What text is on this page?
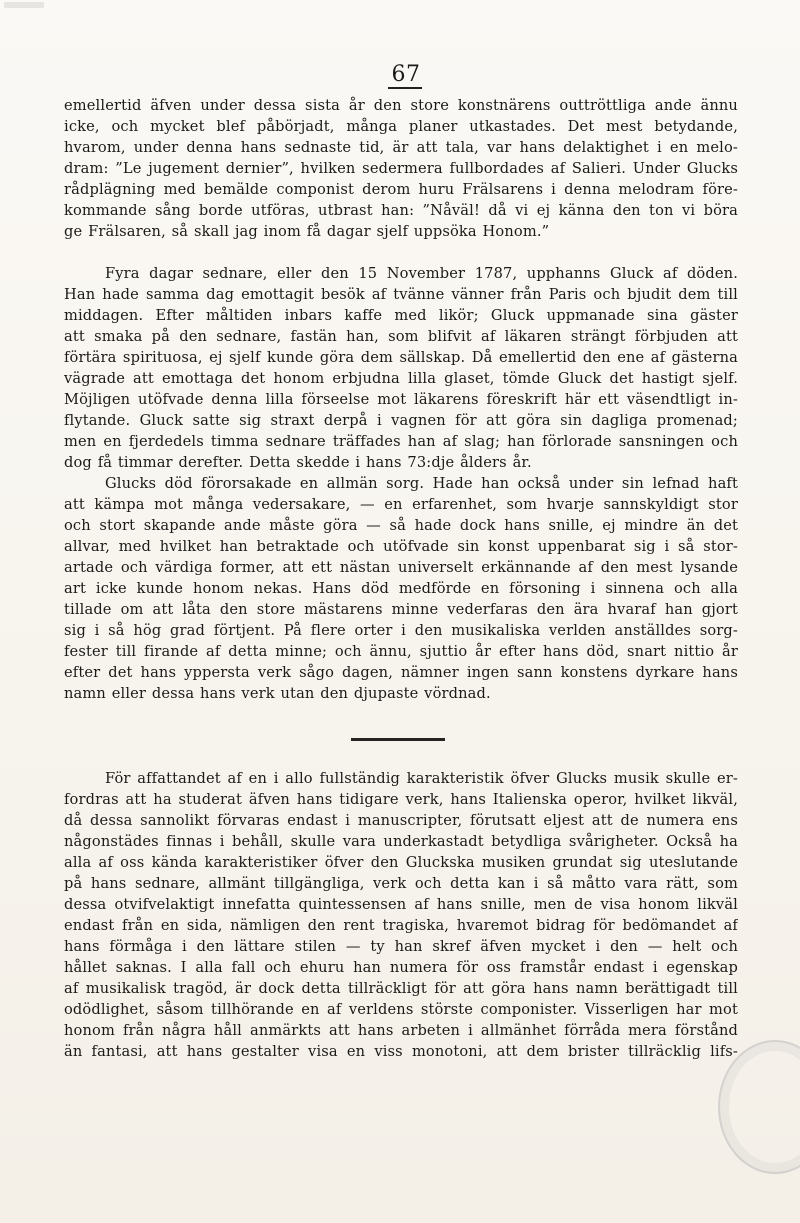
67
emellertid äfven under dessa sista år den store konstnärens outtröttliga ande ännu
icke, och mycket blef påbörjadt, många planer utkastades. Det mest betydande,
hvarom, under denna hans sednaste tid, är att tala, var hans delaktighet i en melo-
dram: ”Le jugement dernier”, hvilken sedermera fullbordades af Salieri. Under Glucks
rådplägning med bemälde componist derom huru Frälsarens i denna melodram före-
kommande sång borde utföras, utbrast han: ”Nåväl! då vi ej känna den ton vi böra
ge Frälsaren, så skall jag inom få dagar sjelf uppsöka Honom.”
Fyra dagar sednare, eller den 15 November 1787, upphanns Gluck af döden.
Han hade samma dag emottagit besök af tvänne vänner från Paris och bjudit dem till
middagen. Efter måltiden inbars kaffe med likör; Gluck uppmanade sina gäster
att smaka på den sednare, fastän han, som blifvit af läkaren strängt förbjuden att
förtära spirituosa, ej sjelf kunde göra dem sällskap. Då emellertid den ene af gästerna
vägrade att emottaga det honom erbjudna lilla glaset, tömde Gluck det hastigt sjelf.
Möjligen utöfvade denna lilla förseelse mot läkarens föreskrift här ett väsendtligt in-
flytande. Gluck satte sig straxt derpå i vagnen för att göra sin dagliga promenad;
men en fjerdedels timma sednare träffades han af slag; han förlorade sansningen och
dog få timmar derefter. Detta skedde i hans 73:dje ålders år.
Glucks död förorsakade en allmän sorg. Hade han också under sin lefnad haft
att kämpa mot många vedersakare, — en erfarenhet, som hvarje sannskyldigt stor
och stort skapande ande måste göra — så hade dock hans snille, ej mindre än det
allvar, med hvilket han betraktade och utöfvade sin konst uppenbarat sig i så stor-
artade och värdiga former, att ett nästan universelt erkännande af den mest lysande
art icke kunde honom nekas. Hans död medförde en försoning i sinnena och alla
tillade om att låta den store mästarens minne vederfaras den ära hvaraf han gjort
sig i så hög grad förtjent. På flere orter i den musikaliska verlden anställdes sorg-
fester till firande af detta minne; och ännu, sjuttio år efter hans död, snart nittio år
efter det hans yppersta verk sågo dagen, nämner ingen sann konstens dyrkare hans
namn eller dessa hans verk utan den djupaste vördnad.
För affattandet af en i allo fullständig karakteristik öfver Glucks musik skulle er-
fordras att ha studerat äfven hans tidigare verk, hans Italienska operor, hvilket likväl,
då dessa sannolikt förvaras endast i manuscripter, förutsatt eljest att de numera ens
någonstädes finnas i behåll, skulle vara underkastadt betydliga svårigheter. Också ha
alla af oss kända karakteristiker öfver den Gluckska musiken grundat sig uteslutande
på hans sednare, allmänt tillgängliga, verk och detta kan i så måtto vara rätt, som
dessa otvifvelaktigt innefatta quintessensen af hans snille, men de visa honom likväl
endast från en sida, nämligen den rent tragiska, hvaremot bidrag för bedömandet af
hans förmåga i den lättare stilen — ty han skref äfven mycket i den — helt och
hållet saknas. I alla fall och ehuru han numera för oss framstår endast i egenskap
af musikalisk tragöd, är dock detta tillräckligt för att göra hans namn berättigadt till
odödlighet, såsom tillhörande en af verldens störste componister. Visserligen har mot
honom från några håll anmärkts att hans arbeten i allmänhet förråda mera förstånd
än fantasi, att hans gestalter visa en viss monotoni, att dem brister tillräcklig lifs-
